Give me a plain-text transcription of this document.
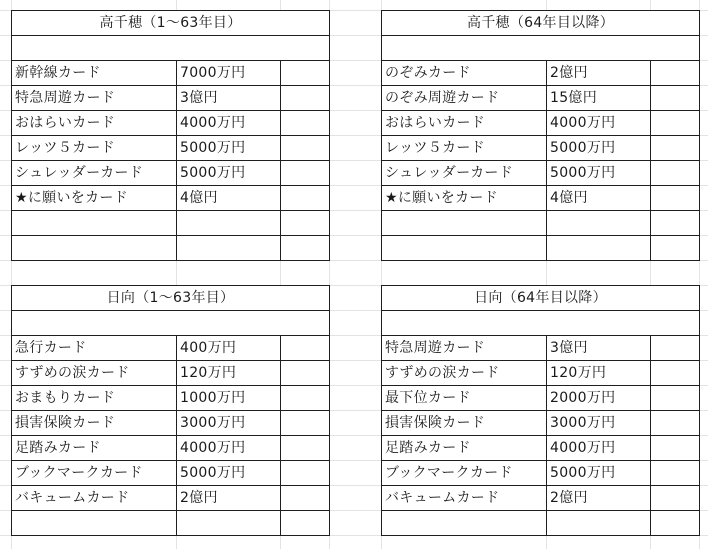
高千穂（1〜63年目）		

新幹線カード	7000万円	
特急周遊カード	3億円	
おはらいカード	4000万円	
レッツ５カード	5000万円	
シュレッダーカード	5000万円	
★に願いをカード	4億円	

高千穂（64年目以降）		

のぞみカード	2億円	
のぞみ周遊カード	15億円	
おはらいカード	4000万円	
レッツ５カード	5000万円	
シュレッダーカード	5000万円	
★に願いをカード	4億円	

日向（1〜63年目）		

急行カード	400万円	
すずめの涙カード	120万円	
おまもりカード	1000万円	
損害保険カード	3000万円	
足踏みカード	4000万円	
ブックマークカード	5000万円	
バキュームカード	2億円	

日向（64年目以降）		

特急周遊カード	3億円	
すずめの涙カード	120万円	
最下位カード	2000万円	
損害保険カード	3000万円	
足踏みカード	4000万円	
ブックマークカード	5000万円	
バキュームカード	2億円	
